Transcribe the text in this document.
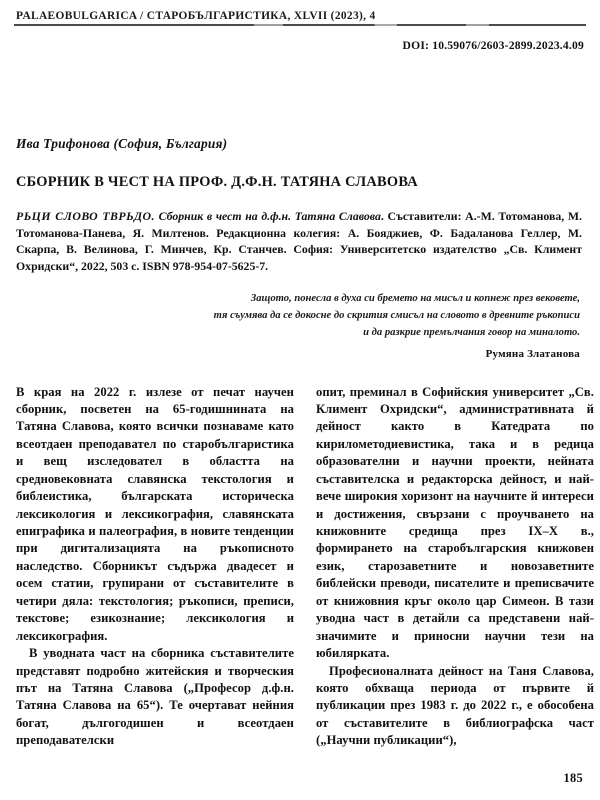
PALAEOBULGARICA / СТАРОБЪЛГАРИСТИКА, XLVII (2023), 4
DOI: 10.59076/2603-2899.2023.4.09
Ива Трифонова (София, България)
СБОРНИК В ЧЕСТ НА ПРОФ. Д.Ф.Н. ТАТЯНА СЛАВОВА
РЬЦИ СЛОВО ТВРЬДО. Сборник в чест на д.ф.н. Татяна Славова. Съставители: А.-М. Тотоманова, М. Тотоманова-Панева, Я. Милтенов. Редакционна колегия: А. Бояджиев, Ф. Бадаланова Геллер, М. Скарпа, В. Велинова, Г. Минчев, Кр. Станчев. София: Университетско издателство „Св. Климент Охридски“, 2022, 503 с. ISBN 978-954-07-5625-7.
Защото, понесла в духа си бремето на мисъл и копнеж през вековете,
тя съумява да се докосне до скрития смисъл на словото в древните ръкописи
и да разкрие премълчания говор на миналото.
Румяна Златанова

В края на 2022 г. излезе от печат научен сборник, посветен на 65-годишнината на Татяна Славова, която всички познаваме като всеотдаен преподавател по старобългаристика и вещ изследовател в областта на средновековната славянска текстология и библеистика, българската историческа лексикология и лексикография, славянската епиграфика и палеография, в новите тенденции при дигитализацията на ръкописното наследство. Сборникът съдържа двадесет и осем статии, групирани от съставителите в четири дяла: текстология; ръкописи, преписи, текстове; езикознание; лексикология и лексикография.

В уводната част на сборника съставителите представят подробно житейския и творческия път на Татяна Славова („Професор д.ф.н. Татяна Славова на 65“). Те очертават нейния богат, дългогодишен и всеотдаен преподавателски

опит, преминал в Софийския университет „Св. Климент Охридски“, административната й дейност както в Катедрата по кирилометодиевистика, така и в редица образователни и научни проекти, нейната съставителска и редакторска дейност, и най-вече широкия хоризонт на научните й интереси и достижения, свързани с проучването на книжовните средища през IX–X в., формирането на старобългарския книжовен език, старозаветните и новозаветните библейски преводи, писателите и преписвачите от книжовния кръг около цар Симеон. В тази уводна част в детайли са представени най-значимите и приносни научни тези на юбилярката.

Професионалната дейност на Таня Славова, която обхваща периода от първите й публикации през 1983 г. до 2022 г., е обособена от съставителите в библиографска част („Научни публикации“),

185
